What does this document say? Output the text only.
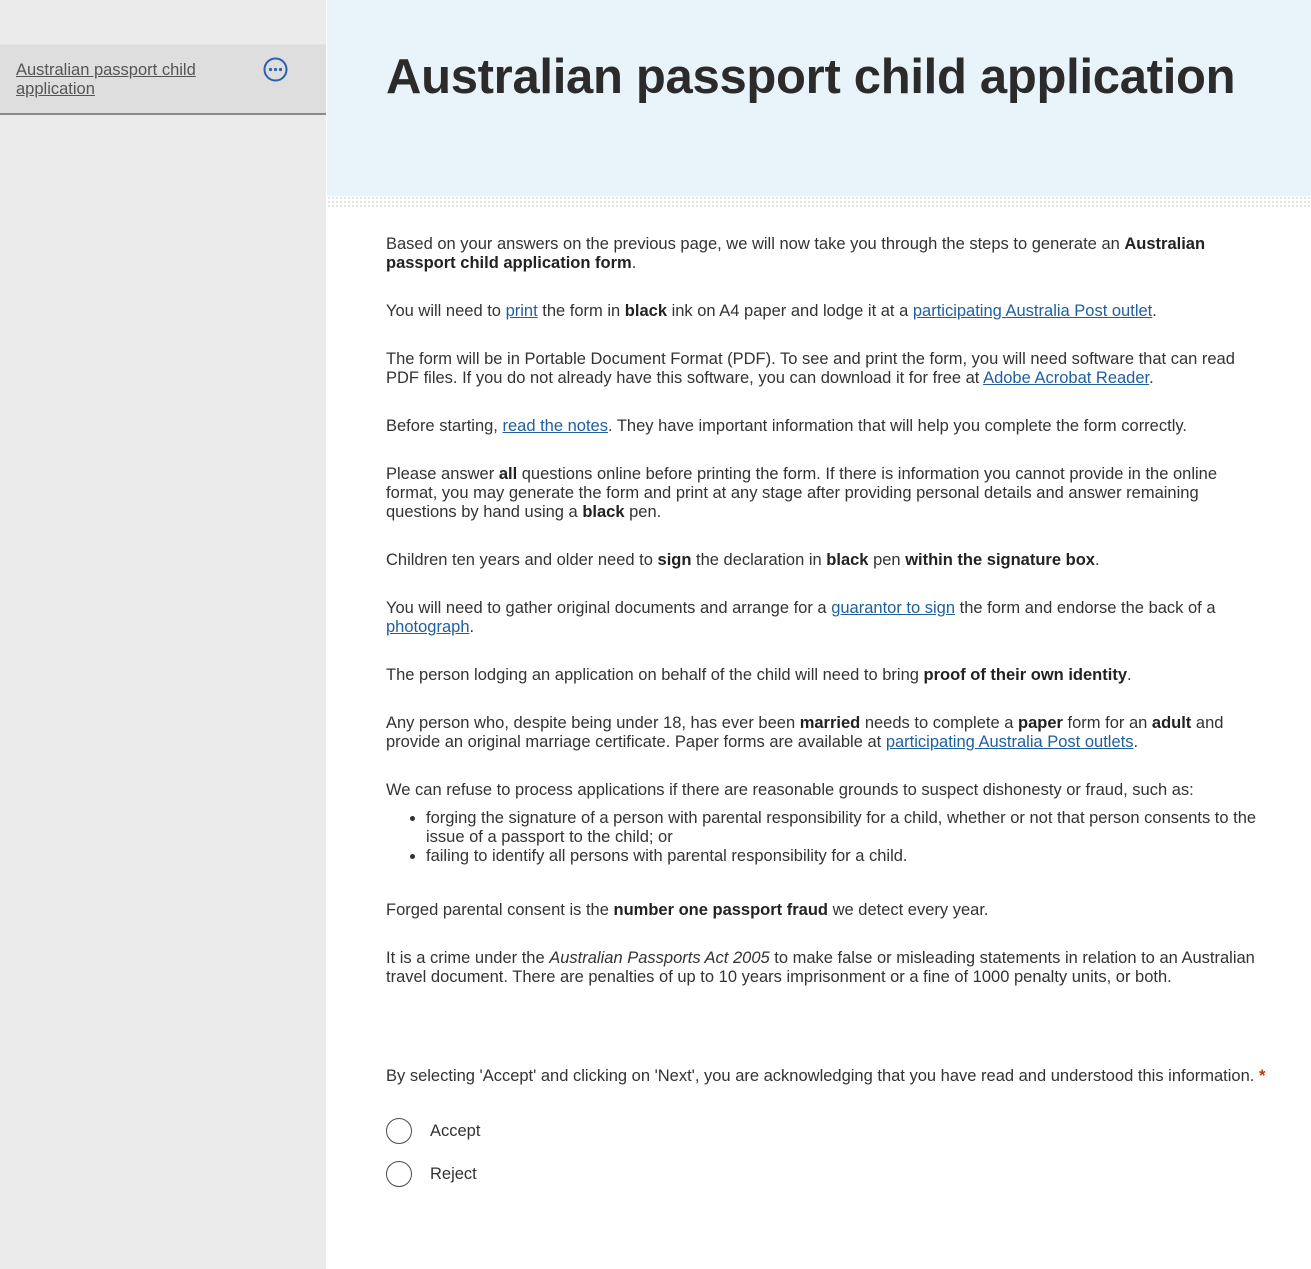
Australian passport child application	Australian passport child application

Based on your answers on the previous page, we will now take you through the steps to generate an Australian passport child application form.

You will need to print the form in black ink on A4 paper and lodge it at a participating Australia Post outlet.

The form will be in Portable Document Format (PDF). To see and print the form, you will need software that can read PDF files. If you do not already have this software, you can download it for free at Adobe Acrobat Reader.

Before starting, read the notes. They have important information that will help you complete the form correctly.

Please answer all questions online before printing the form. If there is information you cannot provide in the online format, you may generate the form and print at any stage after providing personal details and answer remaining questions by hand using a black pen.

Children ten years and older need to sign the declaration in black pen within the signature box.

You will need to gather original documents and arrange for a guarantor to sign the form and endorse the back of a photograph.

The person lodging an application on behalf of the child will need to bring proof of their own identity.

Any person who, despite being under 18, has ever been married needs to complete a paper form for an adult and provide an original marriage certificate. Paper forms are available at participating Australia Post outlets.

We can refuse to process applications if there are reasonable grounds to suspect dishonesty or fraud, such as:

• forging the signature of a person with parental responsibility for a child, whether or not that person consents to the issue of a passport to the child; or
• failing to identify all persons with parental responsibility for a child.

Forged parental consent is the number one passport fraud we detect every year.

It is a crime under the Australian Passports Act 2005 to make false or misleading statements in relation to an Australian travel document. There are penalties of up to 10 years imprisonment or a fine of 1000 penalty units, or both.

By selecting 'Accept' and clicking on 'Next', you are acknowledging that you have read and understood this information. *
Accept
Reject
